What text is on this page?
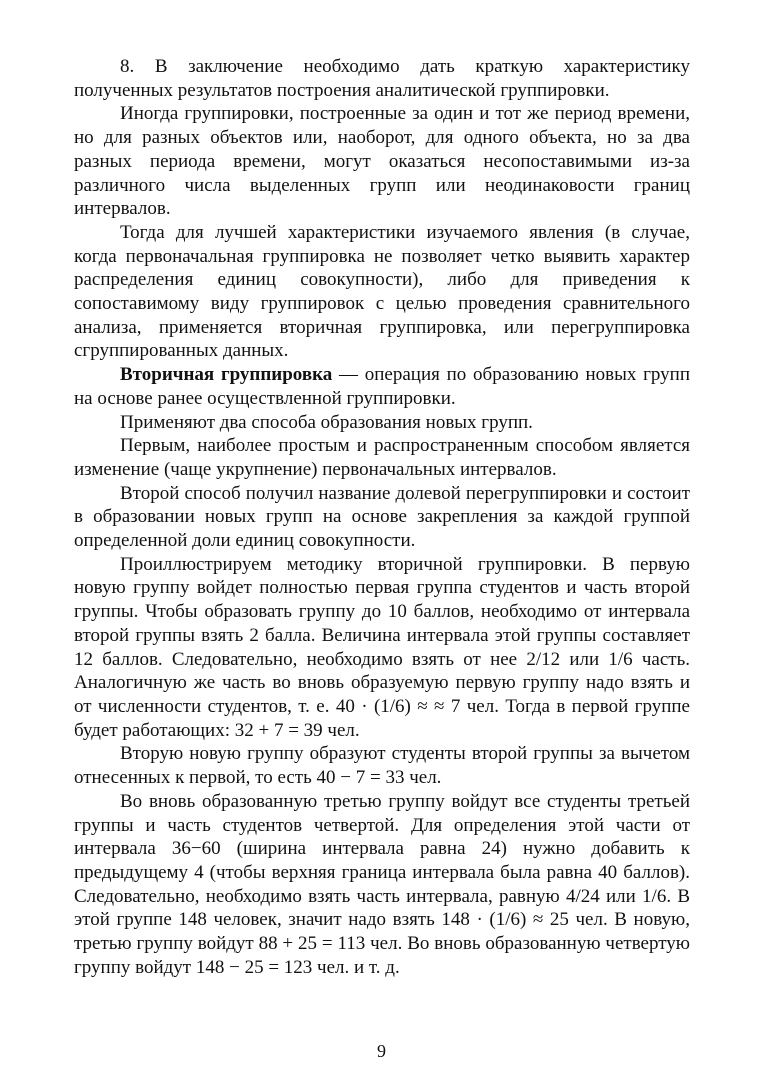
8. В заключение необходимо дать краткую характеристику полученных результатов построения аналитической группировки.

Иногда группировки, построенные за один и тот же период времени, но для разных объектов или, наоборот, для одного объекта, но за два разных периода времени, могут оказаться несопоставимыми из-за различного числа выделенных групп или неодинаковости границ интервалов.

Тогда для лучшей характеристики изучаемого явления (в случае, когда первоначальная группировка не позволяет четко выявить характер распределения единиц совокупности), либо для приведения к сопоставимому виду группировок с целью проведения сравнительного анализа, применяется вторичная группировка, или перегруппировка сгруппированных данных.

Вторичная группировка — операция по образованию новых групп на основе ранее осуществленной группировки.

Применяют два способа образования новых групп.

Первым, наиболее простым и распространенным способом является изменение (чаще укрупнение) первоначальных интервалов.

Второй способ получил название долевой перегруппировки и состоит в образовании новых групп на основе закрепления за каждой группой определенной доли единиц совокупности.

Проиллюстрируем методику вторичной группировки. В первую новую группу войдет полностью первая группа студентов и часть второй группы. Чтобы образовать группу до 10 баллов, необходимо от интервала второй группы взять 2 балла. Величина интервала этой группы составляет 12 баллов. Следовательно, необходимо взять от нее 2/12 или 1/6 часть. Аналогичную же часть во вновь образуемую первую группу надо взять и от численности студентов, т. е. 40 · (1/6) ≈ ≈ 7 чел. Тогда в первой группе будет работающих: 32 + 7 = 39 чел.

Вторую новую группу образуют студенты второй группы за вычетом отнесенных к первой, то есть 40 − 7 = 33 чел.

Во вновь образованную третью группу войдут все студенты третьей группы и часть студентов четвертой. Для определения этой части от интервала 36−60 (ширина интервала равна 24) нужно добавить к предыдущему 4 (чтобы верхняя граница интервала была равна 40 баллов). Следовательно, необходимо взять часть интервала, равную 4/24 или 1/6. В этой группе 148 человек, значит надо взять 148 · (1/6) ≈ 25 чел. В новую, третью группу войдут 88 + 25 = 113 чел. Во вновь образованную четвертую группу войдут 148 − 25 = 123 чел. и т. д.

9
